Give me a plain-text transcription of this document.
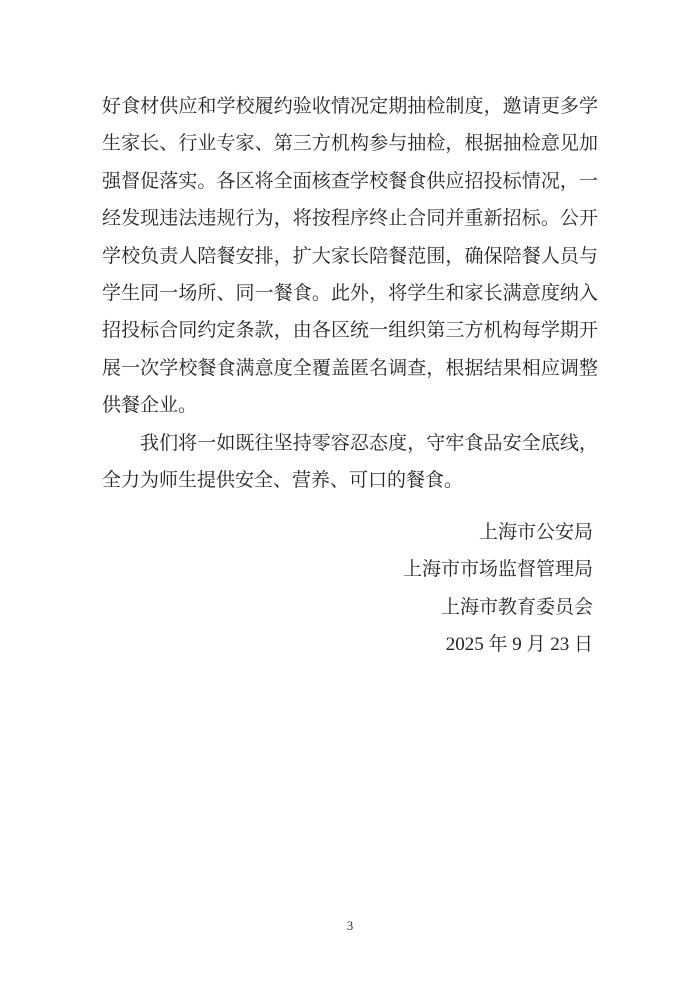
好食材供应和学校履约验收情况定期抽检制度，邀请更多学
生家长、行业专家、第三方机构参与抽检，根据抽检意见加
强督促落实。各区将全面核查学校餐食供应招投标情况，一
经发现违法违规行为，将按程序终止合同并重新招标。公开
学校负责人陪餐安排，扩大家长陪餐范围，确保陪餐人员与
学生同一场所、同一餐食。此外，将学生和家长满意度纳入
招投标合同约定条款，由各区统一组织第三方机构每学期开
展一次学校餐食满意度全覆盖匿名调查，根据结果相应调整
供餐企业。
我们将一如既往坚持零容忍态度，守牢食品安全底线，
全力为师生提供安全、营养、可口的餐食。
上海市公安局
上海市市场监督管理局
上海市教育委员会
2025 年 9 月 23 日
3
